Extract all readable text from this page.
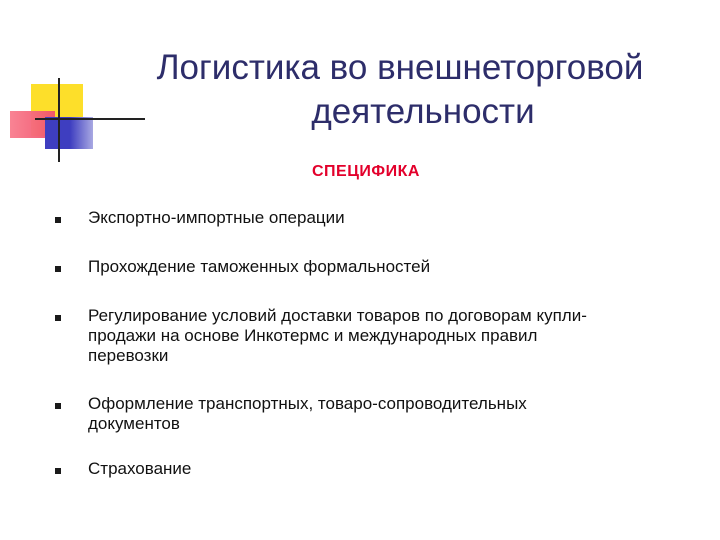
Логистика во внешнеторговой
деятельности
СПЕЦИФИКА
Экспортно-импортные операции
Прохождение таможенных формальностей
Регулирование условий доставки товаров по договорам купли-
продажи на основе Инкотермс и международных правил
перевозки
Оформление транспортных, товаро-сопроводительных
документов
Страхование
